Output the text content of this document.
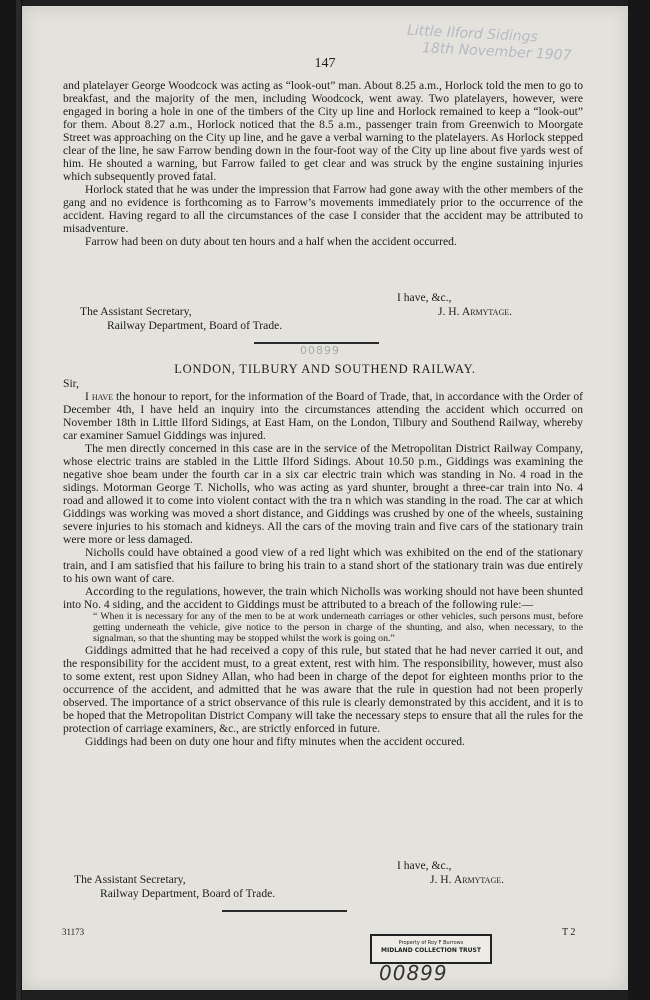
Little Ilford Sidings
18th November 1907
147

and platelayer George Woodcock was acting as “look-out” man. About 8.25 a.m., Horlock told the men to go to breakfast, and the majority of the men, including Woodcock, went away. Two platelayers, however, were engaged in boring a hole in one of the timbers of the City up line and Horlock remained to keep a “look-out” for them. About 8.27 a.m., Horlock noticed that the 8.5 a.m., passenger train from Greenwich to Moorgate Street was approaching on the City up line, and he gave a verbal warning to the platelayers. As Horlock stepped clear of the line, he saw Farrow bending down in the four-foot way of the City up line about five yards west of him. He shouted a warning, but Farrow failed to get clear and was struck by the engine sustaining injuries which subsequently proved fatal.

Horlock stated that he was under the impression that Farrow had gone away with the other members of the gang and no evidence is forthcoming as to Farrow’s movements immediately prior to the occurrence of the accident. Having regard to all the circumstances of the case I consider that the accident may be attributed to misadventure.

Farrow had been on duty about ten hours and a half when the accident occurred.

I have, &c.,
The Assistant Secretary,	J. H. Armytage.
Railway Department, Board of Trade.
00899
LONDON, TILBURY AND SOUTHEND RAILWAY.

Sir,

I have the honour to report, for the information of the Board of Trade, that, in accordance with the Order of December 4th, I have held an inquiry into the circumstances attending the accident which occurred on November 18th in Little Ilford Sidings, at East Ham, on the London, Tilbury and Southend Railway, whereby car examiner Samuel Giddings was injured.

The men directly concerned in this case are in the service of the Metropolitan District Railway Company, whose electric trains are stabled in the Little Ilford Sidings. About 10.50 p.m., Giddings was examining the negative shoe beam under the fourth car in a six car electric train which was standing in No. 4 road in the sidings. Motorman George T. Nicholls, who was acting as yard shunter, brought a three-car train into No. 4 road and allowed it to come into violent contact with the tra n which was standing in the road. The car at which Giddings was working was moved a short distance, and Giddings was crushed by one of the wheels, sustaining severe injuries to his stomach and kidneys. All the cars of the moving train and five cars of the stationary train were more or less damaged.

Nicholls could have obtained a good view of a red light which was exhibited on the end of the stationary train, and I am satisfied that his failure to bring his train to a stand short of the stationary train was due entirely to his own want of care.

According to the regulations, however, the train which Nicholls was working should not have been shunted into No. 4 siding, and the accident to Giddings must be attributed to a breach of the following rule:—

“ When it is necessary for any of the men to be at work underneath carriages or other vehicles, such persons must, before getting underneath the vehicle, give notice to the person in charge of the shunting, and also, when necessary, to the signalman, so that the shunting may be stopped whilst the work is going on.”

Giddings admitted that he had received a copy of this rule, but stated that he had never carried it out, and the responsibility for the accident must, to a great extent, rest with him. The responsibility, however, must also to some extent, rest upon Sidney Allan, who had been in charge of the depot for eighteen months prior to the occurrence of the accident, and admitted that he was aware that the rule in question had not been properly observed. The importance of a strict observance of this rule is clearly demonstrated by this accident, and it is to be hoped that the Metropolitan District Company will take the necessary steps to ensure that all the rules for the protection of carriage examiners, &c., are strictly enforced in future.

Giddings had been on duty one hour and fifty minutes when the accident occured.

I have, &c.,
The Assistant Secretary,	J. H. Armytage.
Railway Department, Board of Trade.
31173	T 2
Property of Roy F Burrows
MIDLAND COLLECTION TRUST
00899
